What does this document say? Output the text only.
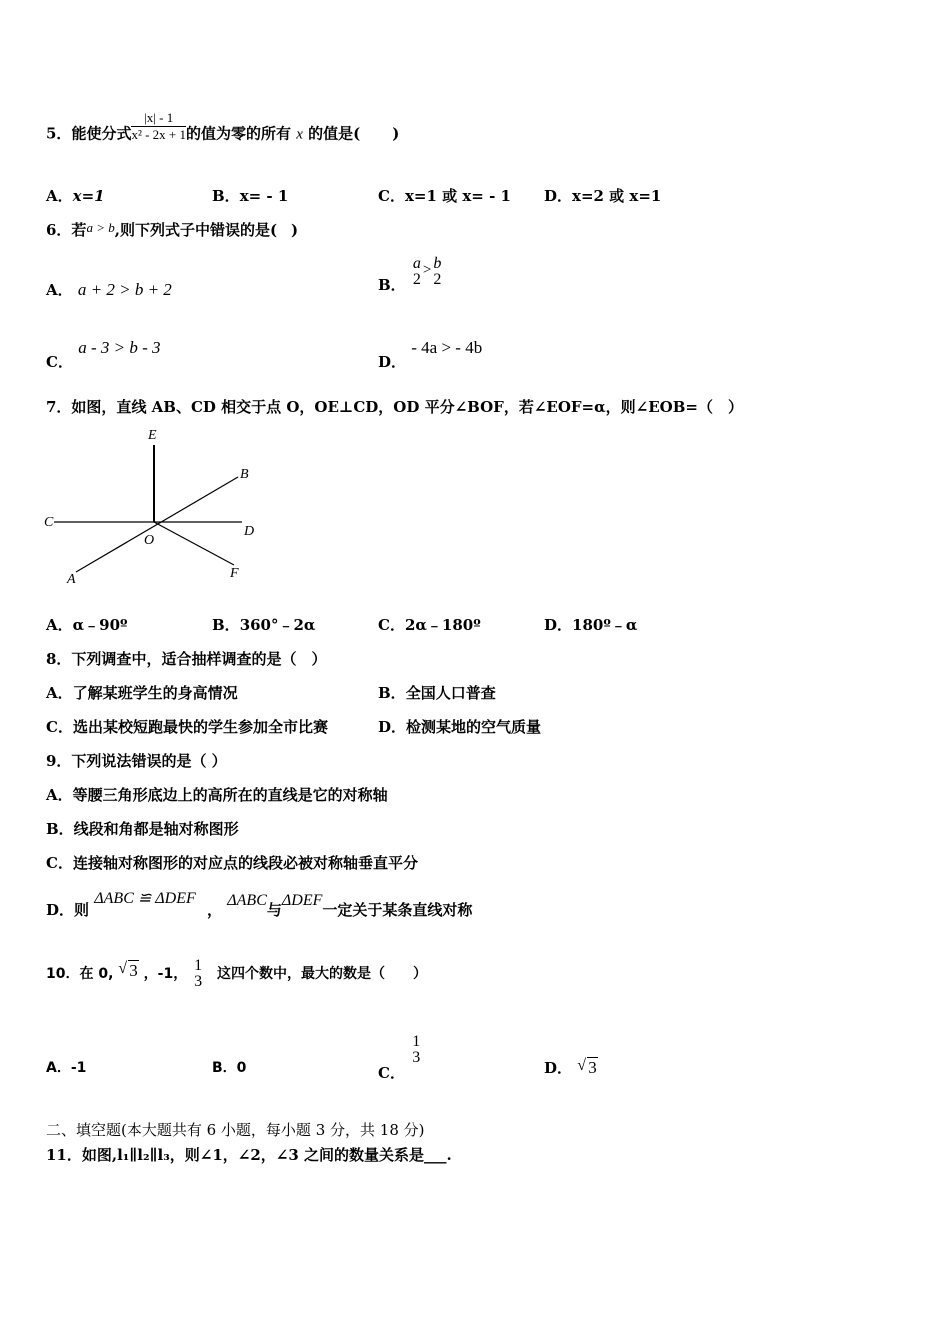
5．能使分式 $\frac{|x| - 1}{\text{x² - 2x + 1}}$ 的值为零的所有 x 的值是( )
A．x=1	B．x= - 1	C．x=1 或 x= - 1 D．x=2 或 x=1
6．若a > b,则下列式子中错误的是( )
A． a + 2 > b + 2	B．
a
2
> b
2
C． a - 3 > b - 3
D． - 4a > - 4b
7．如图，直线 AB、CD 相交于点 O，OE⊥CD，OD 平分∠BOF，若∠EOF=α，则∠EOB=（　）
E
B
C
D
O
A	F
A．α﹣90º	B．360°﹣2α	C．2α﹣180º	D．180º﹣α
8．下列调查中，适合抽样调查的是（　）
A．了解某班学生的身高情况	B．全国人口普查
C．选出某校短跑最快的学生参加全市比赛	D．检测某地的空气质量
9．下列说法错误的是（ ）
A．等腰三角形底边上的高所在的直线是它的对称轴
B．线段和角都是轴对称图形
C．连接轴对称图形的对应点的线段必被对称轴垂直平分
D．则 ΔABC ≌ ΔDEF ， ΔABC与ΔDEF一定关于某条直线对称
10．在 0, √ 3 ，-1， 1
3 这四个数中，最大的数是（　　）
A．-1	B．0	C．
1
3
D． √ 3
二、填空题(本大题共有 6 小题，每小题 3 分，共 18 分)
11．如图,l₁∥l₂∥l₃，则∠1，∠2，∠3 之间的数量关系是___.
